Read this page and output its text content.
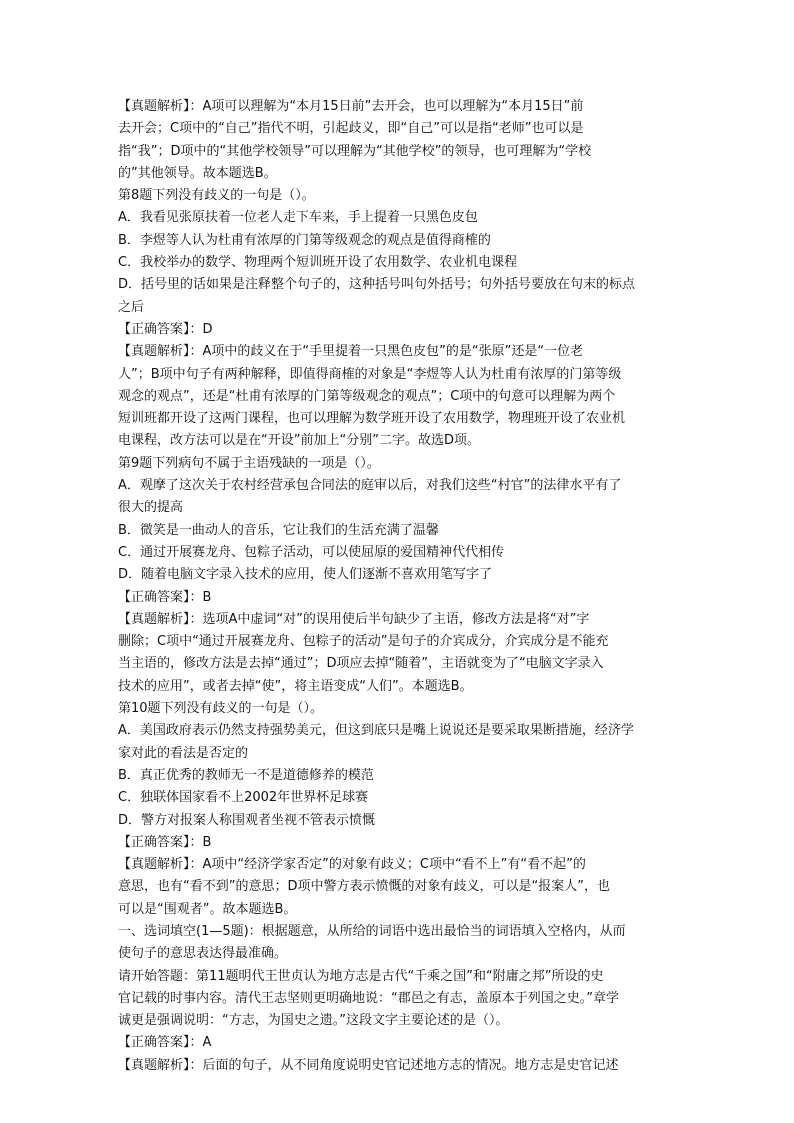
【真题解析】：A项可以理解为“本月15日前”去开会，也可以理解为“本月15日”前
去开会；C项中的“自己”指代不明，引起歧义，即“自己”可以是指“老师”也可以是
指“我”；D项中的“其他学校领导”可以理解为“其他学校”的领导，也可理解为“学校
的”其他领导。故本题选B。
第8题下列没有歧义的一句是（）。
A．我看见张原扶着一位老人走下车来，手上提着一只黑色皮包
B．李煜等人认为杜甫有浓厚的门第等级观念的观点是值得商榷的
C．我校举办的数学、物理两个短训班开设了农用数学、农业机电课程
D．括号里的话如果是注释整个句子的，这种括号叫句外括号；句外括号要放在句末的标点
之后
【正确答案】：D
【真题解析】：A项中的歧义在于“手里提着一只黑色皮包”的是“张原”还是“一位老
人”；B项中句子有两种解释，即值得商榷的对象是“李煜等人认为杜甫有浓厚的门第等级
观念的观点”，还是“杜甫有浓厚的门第等级观念的观点”；C项中的句意可以理解为两个
短训班都开设了这两门课程，也可以理解为数学班开设了农用数学，物理班开设了农业机
电课程，改方法可以是在“开设”前加上“分别”二字。故选D项。
第9题下列病句不属于主语残缺的一项是（）。
A．观摩了这次关于农村经营承包合同法的庭审以后，对我们这些“村官”的法律水平有了
很大的提高
B．微笑是一曲动人的音乐，它让我们的生活充满了温馨
C．通过开展赛龙舟、包粽子活动，可以使屈原的爱国精神代代相传
D．随着电脑文字录入技术的应用，使人们逐渐不喜欢用笔写字了
【正确答案】：B
【真题解析】：选项A中虚词“对”的误用使后半句缺少了主语，修改方法是将“对”字
删除；C项中“通过开展赛龙舟、包粽子的活动”是句子的介宾成分，介宾成分是不能充
当主语的，修改方法是去掉“通过”；D项应去掉“随着”，主语就变为了“电脑文字录入
技术的应用”，或者去掉“使”，将主语变成“人们”。本题选B。
第10题下列没有歧义的一句是（）。
A．美国政府表示仍然支持强势美元，但这到底只是嘴上说说还是要采取果断措施，经济学
家对此的看法是否定的
B．真正优秀的教师无一不是道德修养的模范
C．独联体国家看不上2002年世界杯足球赛
D．警方对报案人称围观者坐视不管表示愤慨
【正确答案】：B
【真题解析】：A项中“经济学家否定”的对象有歧义；C项中“看不上”有“看不起”的
意思，也有“看不到”的意思；D项中警方表示愤慨的对象有歧义，可以是“报案人”，也
可以是“围观者”。故本题选B。
一、选词填空(1—5题)：根据题意，从所给的词语中选出最恰当的词语填入空格内，从而
使句子的意思表达得最准确。
请开始答题：第11题明代王世贞认为地方志是古代“千乘之国”和“附庸之邦”所设的史
官记载的时事内容。清代王志坚则更明确地说：“郡邑之有志，盖原本于列国之史。”章学
诚更是强调说明：“方志，为国史之遗。”这段文字主要论述的是（）。
【正确答案】：A
【真题解析】：后面的句子，从不同角度说明史官记述地方志的情况。地方志是史官记述
